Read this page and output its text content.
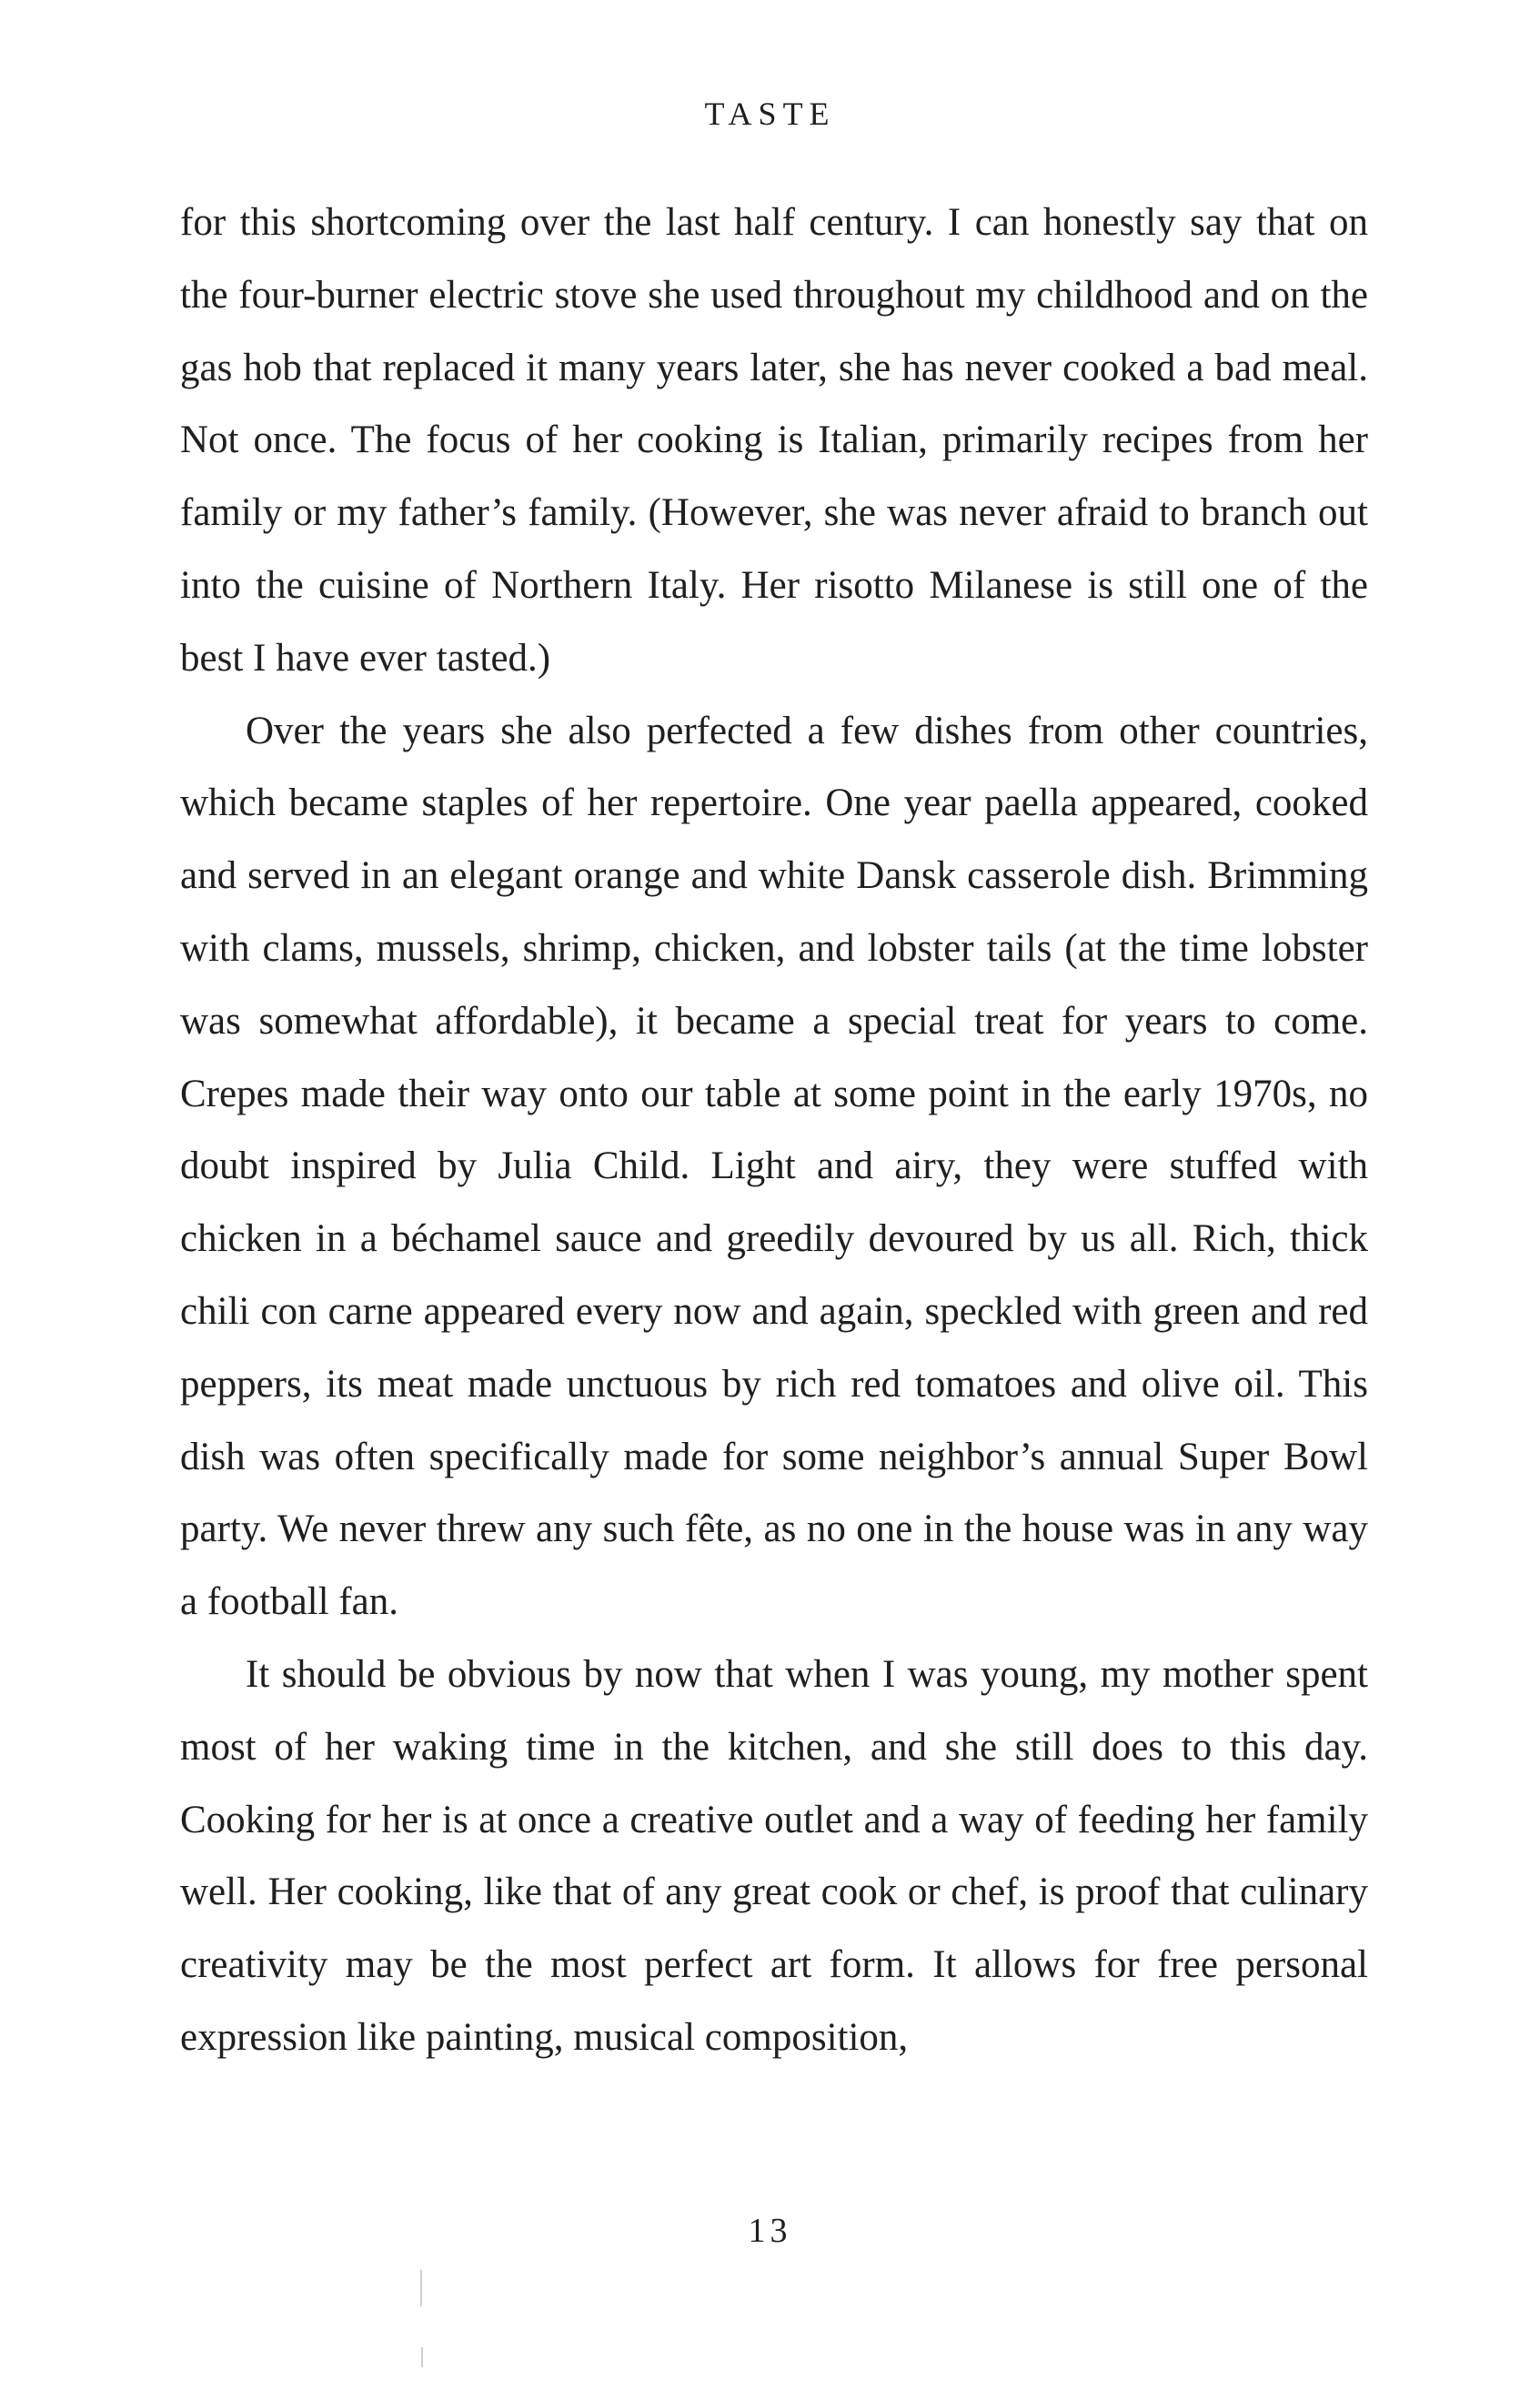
TASTE

for this shortcoming over the last half century. I can honestly say that on the four-burner electric stove she used throughout my childhood and on the gas hob that replaced it many years later, she has never cooked a bad meal. Not once. The focus of her cooking is Italian, primarily recipes from her family or my father’s family. (However, she was never afraid to branch out into the cuisine of Northern Italy. Her risotto Milanese is still one of the best I have ever tasted.)

Over the years she also perfected a few dishes from other countries, which became staples of her repertoire. One year paella appeared, cooked and served in an elegant orange and white Dansk casserole dish. Brimming with clams, mussels, shrimp, chicken, and lobster tails (at the time lobster was somewhat affordable), it became a special treat for years to come. Crepes made their way onto our table at some point in the early 1970s, no doubt inspired by Julia Child. Light and airy, they were stuffed with chicken in a béchamel sauce and greedily devoured by us all. Rich, thick chili con carne appeared every now and again, speckled with green and red peppers, its meat made unctuous by rich red tomatoes and olive oil. This dish was often specifically made for some neighbor’s annual Super Bowl party. We never threw any such fête, as no one in the house was in any way a football fan.

It should be obvious by now that when I was young, my mother spent most of her waking time in the kitchen, and she still does to this day. Cooking for her is at once a creative outlet and a way of feeding her family well. Her cooking, like that of any great cook or chef, is proof that culinary creativity may be the most perfect art form. It allows for free personal expression like painting, musical composition,

13
